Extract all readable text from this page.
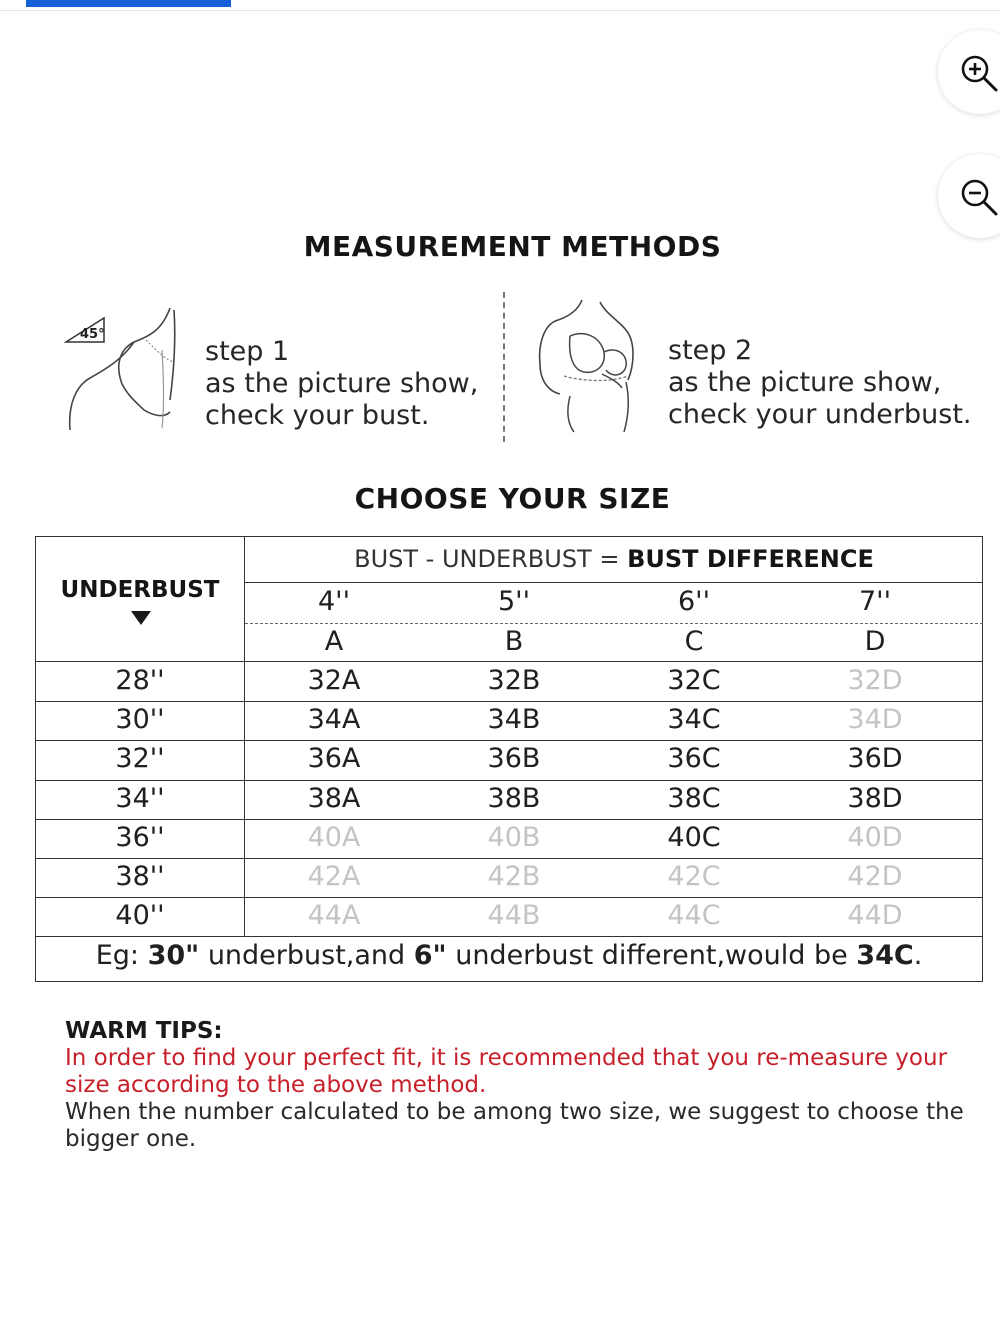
MEASUREMENT METHODS
45°
step 1
as the picture show,
check your bust.
step 2
as the picture show,
check your underbust.
CHOOSE YOUR SIZE
UNDERBUST
BUST - UNDERBUST = BUST DIFFERENCE
Eg: 30" underbust,and 6" underbust different,would be 34C.
4''	5''	6''	7''
A	B	C	D
28''	32A	32B	32C	32D
30''	34A	34B	34C	34D
32''	36A	36B	36C	36D
34''	38A	38B	38C	38D
36''	40A	40B	40C	40D
38''	42A	42B	42C	42D
40''	44A	44B	44C	44D
WARM TIPS:
In order to find your perfect fit, it is recommended that you re-measure your size according to the above method.
When the number calculated to be among two size, we suggest to choose the bigger one.
